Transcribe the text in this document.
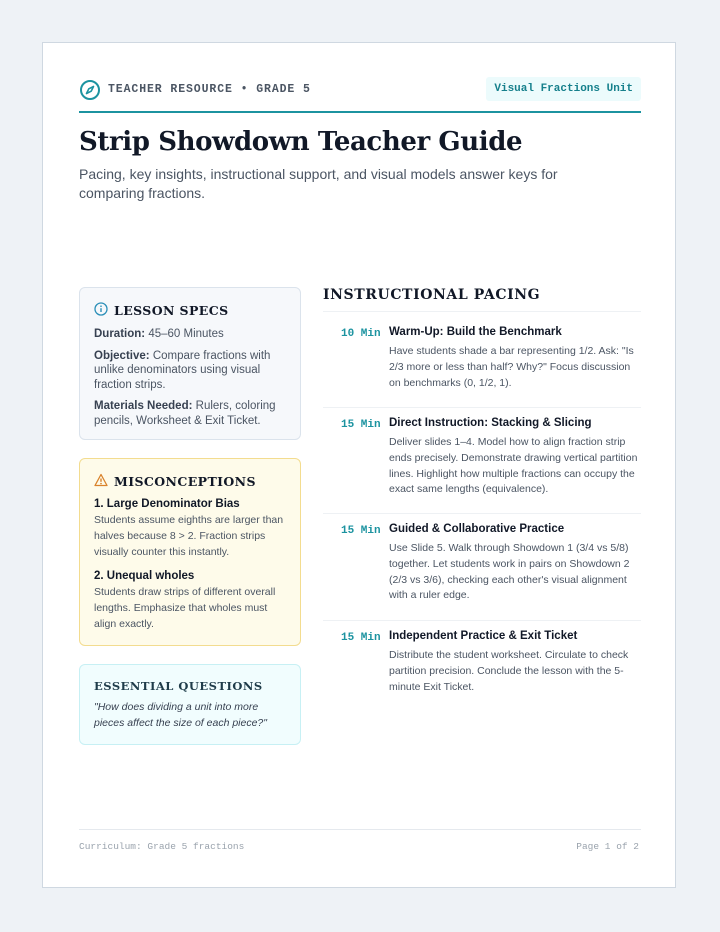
TEACHER RESOURCE • GRADE 5	Visual Fractions Unit
Strip Showdown Teacher Guide

Pacing, key insights, instructional support, and visual models answer keys for comparing fractions.

LESSON SPECS

Duration: 45–60 Minutes

Objective: Compare fractions with unlike denominators using visual fraction strips.

Materials Needed: Rulers, coloring pencils, Worksheet & Exit Ticket.

MISCONCEPTIONS

1. Large Denominator Bias

Students assume eighths are larger than halves because 8 > 2. Fraction strips visually counter this instantly.

2. Unequal wholes

Students draw strips of different overall lengths. Emphasize that wholes must align exactly.

ESSENTIAL QUESTIONS

"How does dividing a unit into more pieces affect the size of each piece?"

INSTRUCTIONAL PACING
10 Min Warm-Up: Build the Benchmark

Have students shade a bar representing 1/2. Ask: "Is 2/3 more or less than half? Why?" Focus discussion on benchmarks (0, 1/2, 1).

15 Min Direct Instruction: Stacking & Slicing

Deliver slides 1–4. Model how to align fraction strip ends precisely. Demonstrate drawing vertical partition lines. Highlight how multiple fractions can occupy the exact same lengths (equivalence).

15 Min Guided & Collaborative Practice

Use Slide 5. Walk through Showdown 1 (3/4 vs 5/8) together. Let students work in pairs on Showdown 2 (2/3 vs 3/6), checking each other's visual alignment with a ruler edge.

15 Min Independent Practice & Exit Ticket

Distribute the student worksheet. Circulate to check partition precision. Conclude the lesson with the 5-minute Exit Ticket.

Curriculum: Grade 5 fractions	Page 1 of 2
